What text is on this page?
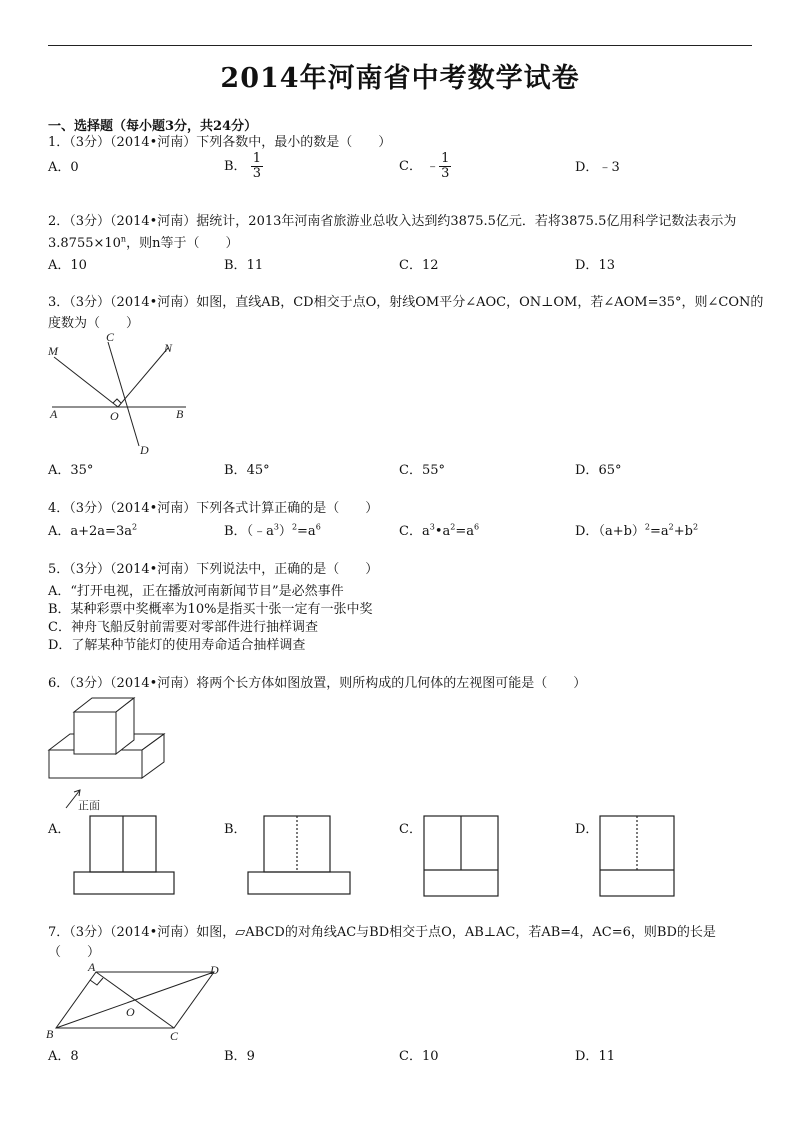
2014年河南省中考数学试卷
一、选择题（每小题3分，共24分）
1．（3分）（2014•河南）下列各数中，最小的数是（　　）
A．0	B． $\frac{1}{3}$	C． ﹣ $\frac{1}{3}$	D．﹣3
2．（3分）（2014•河南）据统计，2013年河南省旅游业总收入达到约3875.5亿元．若将3875.5亿用科学记数法表示为
$3.8755\times 10^n$，则n等于（　　）
A．10	B．11	C．12	D．13
3．（3分）（2014•河南）如图，直线AB，CD相交于点O，射线OM平分∠AOC，ON⊥OM，若∠AOM=35°，则∠CON的
度数为（　　）
M
C
N
A	O	B
D
A．35°	B．45°	C．55°	D．65°
4．（3分）（2014•河南）下列各式计算正确的是（　　）
A．$a+2a=3a^2$	B．$(﹣a^3)^2=a^6$	C．$a^3•a^2=a^6$	D．$(a+b)^2=a^2+b^2$
5．（3分）（2014•河南）下列说法中，正确的是（　　）
A．“打开电视，正在播放河南新闻节目”是必然事件
B．某种彩票中奖概率为10%是指买十张一定有一张中奖
C．神舟飞船反射前需要对零部件进行抽样调查
D．了解某种节能灯的使用寿命适合抽样调查
6．（3分）（2014•河南）将两个长方体如图放置，则所构成的几何体的左视图可能是（　　）
正面
A．	B．	C．	D．
7．（3分）（2014•河南）如图，▱ABCD的对角线AC与BD相交于点O，AB⊥AC，若AB=4，AC=6，则BD的长是
（　　）
A	D
O
B	C
A．8	B．9	C．10	D．11
